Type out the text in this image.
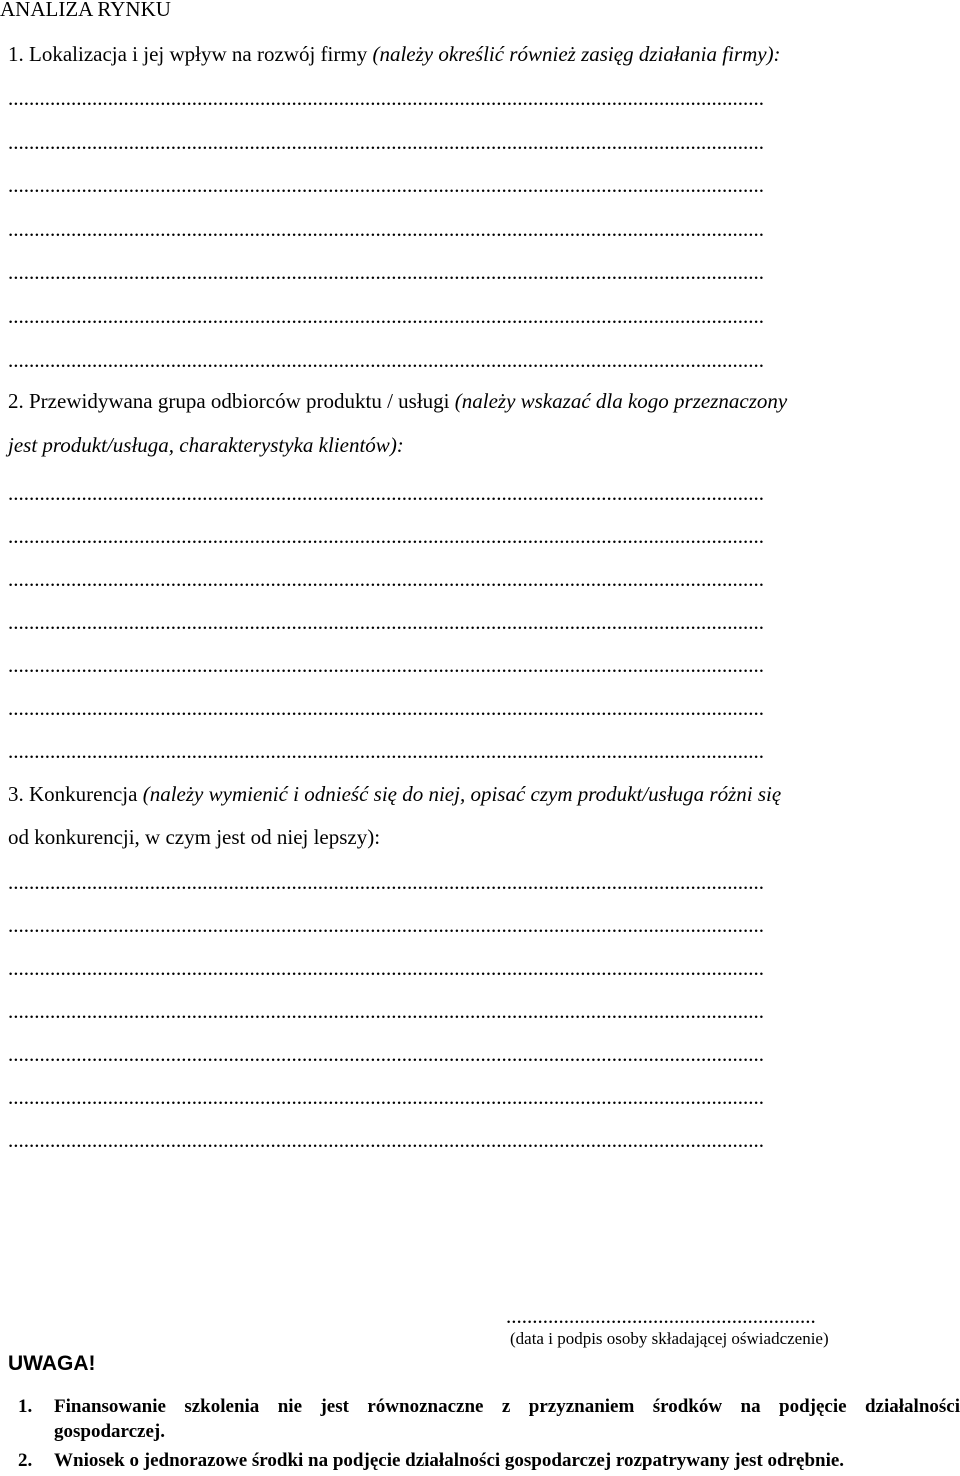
ANALIZA RYNKU
1. Lokalizacja i jej wpływ na rozwój firmy (należy określić również zasięg działania firmy):
................................................................................................................................................
................................................................................................................................................
................................................................................................................................................
................................................................................................................................................
................................................................................................................................................
................................................................................................................................................
................................................................................................................................................
2. Przewidywana grupa odbiorców produktu / usługi (należy wskazać dla kogo przeznaczony
jest produkt/usługa, charakterystyka klientów):
................................................................................................................................................
................................................................................................................................................
................................................................................................................................................
................................................................................................................................................
................................................................................................................................................
................................................................................................................................................
................................................................................................................................................
3. Konkurencja (należy wymienić i odnieść się do niej, opisać czym produkt/usługa różni się
od konkurencji, w czym jest od niej lepszy):
................................................................................................................................................
................................................................................................................................................
................................................................................................................................................
................................................................................................................................................
................................................................................................................................................
................................................................................................................................................
................................................................................................................................................
...........................................................
(data i podpis osoby składającej oświadczenie)
UWAGA!
1. Finansowanie szkolenia nie jest równoznaczne z przyznaniem środków na podjęcie działalności
gospodarczej.
2. Wniosek o jednorazowe środki na podjęcie działalności gospodarczej rozpatrywany jest odrębnie.
